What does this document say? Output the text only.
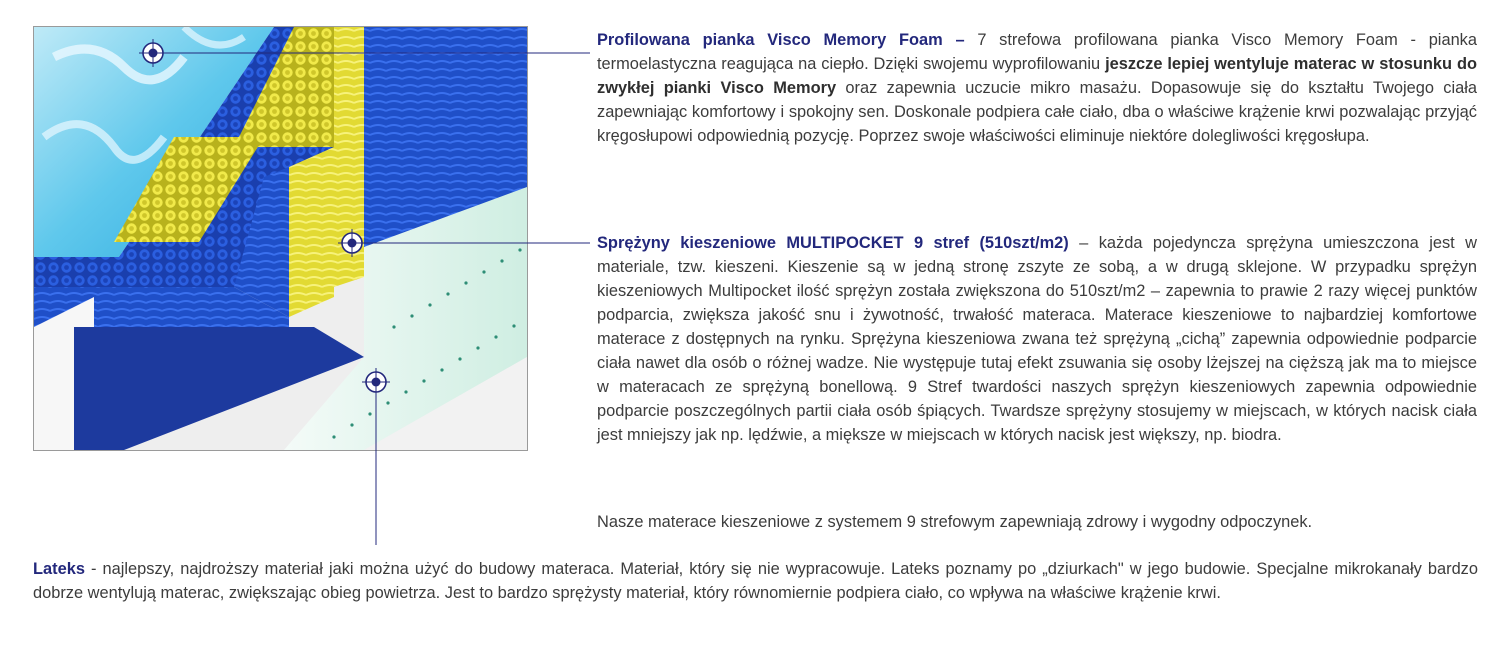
Profilowana pianka Visco Memory Foam – 7 strefowa profilowana pianka Visco Memory Foam - pianka termoelastyczna reagująca na ciepło. Dzięki swojemu wyprofilowaniu jeszcze lepiej wentyluje materac w stosunku do zwykłej pianki Visco Memory oraz zapewnia uczucie mikro masażu. Dopasowuje się do kształtu Twojego ciała zapewniając komfortowy i spokojny sen. Doskonale podpiera całe ciało, dba o właściwe krążenie krwi pozwalając przyjąć kręgosłupowi odpowiednią pozycję. Poprzez swoje właściwości eliminuje niektóre dolegliwości kręgosłupa.

Sprężyny kieszeniowe MULTIPOCKET 9 stref (510szt/m2) – każda pojedyncza sprężyna umieszczona jest w materiale, tzw. kieszeni. Kieszenie są w jedną stronę zszyte ze sobą, a w drugą sklejone. W przypadku sprężyn kieszeniowych Multipocket ilość sprężyn została zwiększona do 510szt/m2 – zapewnia to prawie 2 razy więcej punktów podparcia, zwiększa jakość snu i żywotność, trwałość materaca. Materace kieszeniowe to najbardziej komfortowe materace z dostępnych na rynku. Sprężyna kieszeniowa zwana też sprężyną „cichą” zapewnia odpowiednie podparcie ciała nawet dla osób o różnej wadze. Nie występuje tutaj efekt zsuwania się osoby lżejszej na cięższą jak ma to miejsce w materacach ze sprężyną bonellową. 9 Stref twardości naszych sprężyn kieszeniowych zapewnia odpowiednie podparcie poszczególnych partii ciała osób śpiących. Twardsze sprężyny stosujemy w miejscach, w których nacisk ciała jest mniejszy jak np. lędźwie, a miększe w miejscach w których nacisk jest większy, np. biodra.

Nasze materace kieszeniowe z systemem 9 strefowym zapewniają zdrowy i wygodny odpoczynek.

Lateks - najlepszy, najdroższy materiał jaki można użyć do budowy materaca. Materiał, który się nie wypracowuje. Lateks poznamy po „dziurkach" w jego budowie. Specjalne mikrokanały bardzo dobrze wentylują materac, zwiększając obieg powietrza. Jest to bardzo sprężysty materiał, który równomiernie podpiera ciało, co wpływa na właściwe krążenie krwi.
